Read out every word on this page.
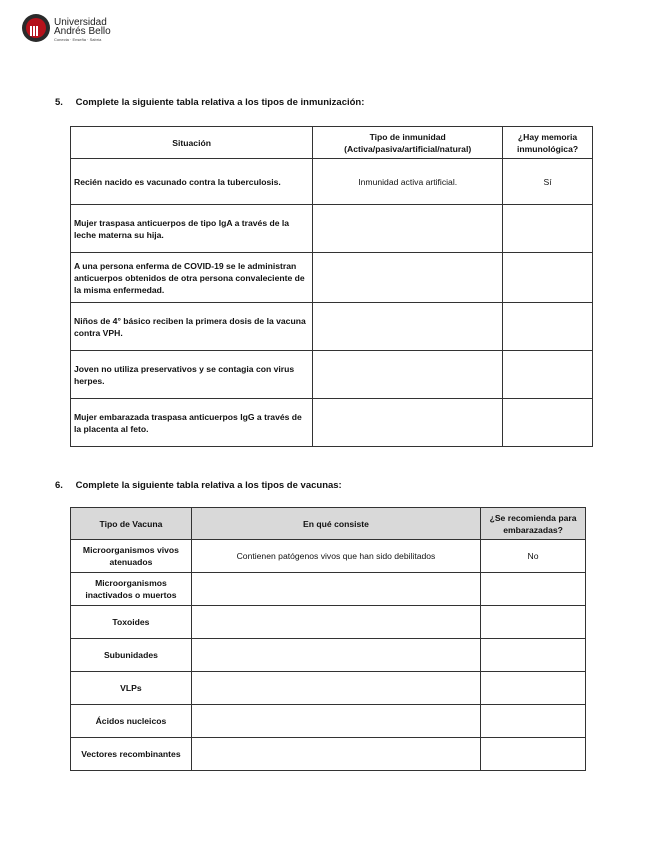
Universidad
Andrés Bello
Conecta · Enseña · Sabría
5. Complete la siguiente tabla relativa a los tipos de inmunización:
Situación	Tipo de inmunidad (Activa/pasiva/artificial/natural)	¿Hay memoria inmunológica?
Recién nacido es vacunado contra la tuberculosis.	Inmunidad activa artificial.	Sí
Mujer traspasa anticuerpos de tipo IgA a través de la leche materna su hija.		
A una persona enferma de COVID-19 se le administran anticuerpos obtenidos de otra persona convaleciente de la misma enfermedad.		
Niños de 4° básico reciben la primera dosis de la vacuna contra VPH.		
Joven no utiliza preservativos y se contagia con virus herpes.		
Mujer embarazada traspasa anticuerpos IgG a través de la placenta al feto.		
6. Complete la siguiente tabla relativa a los tipos de vacunas:
Tipo de Vacuna	En qué consiste	¿Se recomienda para embarazadas?
Microorganismos vivos atenuados	Contienen patógenos vivos que han sido debilitados	No
Microorganismos inactivados o muertos		
Toxoides		
Subunidades		
VLPs		
Ácidos nucleicos		
Vectores recombinantes		
